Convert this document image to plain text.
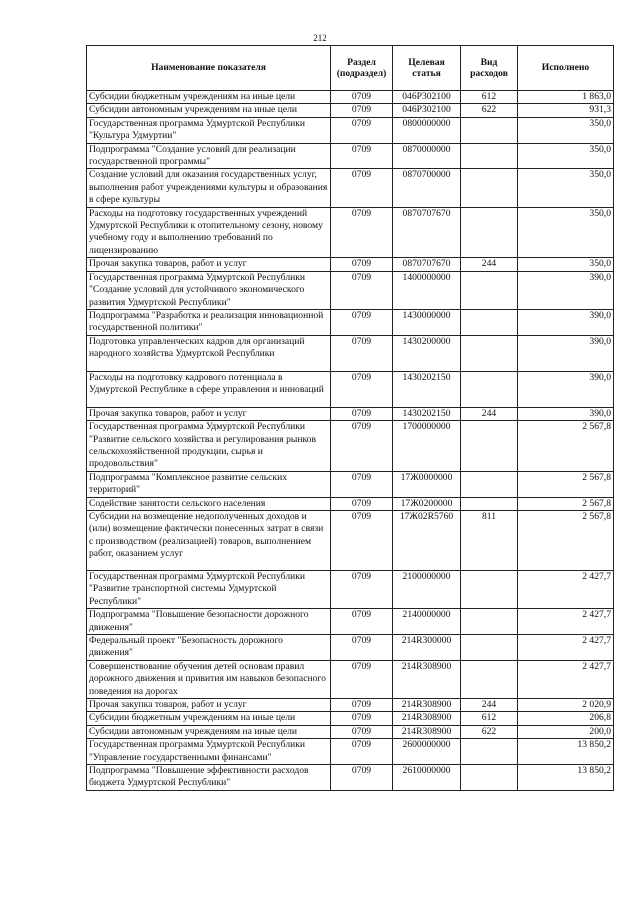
212
Наименование показателя	Раздел (подраздел)	Целевая статья	Вид расходов	Исполнено
Субсидии бюджетным учреждениям на иные цели	0709	046P302100	612	1 863,0
Субсидии автономным учреждениям на иные цели	0709	046P302100	622	931,3
Государственная программа Удмуртской Республики "Культура Удмуртии"	0709	0800000000		350,0
Подпрограмма "Создание условий для реализации государственной программы"	0709	0870000000		350,0
Создание условий для оказания государственных услуг, выполнения работ учреждениями культуры и образования в сфере культуры	0709	0870700000		350,0
Расходы на подготовку государственных учреждений Удмуртской Республики к отопительному сезону, новому учебному году и выполнению требований по лицензированию	0709	0870707670		350,0
Прочая закупка товаров, работ и услуг	0709	0870707670	244	350,0
Государственная программа Удмуртской Республики "Создание условий для устойчивого экономического развития Удмуртской Республики"	0709	1400000000		390,0
Подпрограмма "Разработка и реализация инновационной государственной политики"	0709	1430000000		390,0
Подготовка управленческих кадров для организаций народного хозяйства Удмуртской Республики	0709	1430200000		390,0
Расходы на подготовку кадрового потенциала в Удмуртской Республике в сфере управления и инноваций	0709	1430202150		390,0
Прочая закупка товаров, работ и услуг	0709	1430202150	244	390,0
Государственная программа Удмуртской Республики "Развитие сельского хозяйства и регулирования рынков сельскохозяйственной продукции, сырья и продовольствия"	0709	1700000000		2 567,8
Подпрограмма "Комплексное развитие сельских территорий"	0709	17Ж0000000		2 567,8
Содействие занятости сельского населения	0709	17Ж0200000		2 567,8
Субсидии на возмещение недополученных доходов и (или) возмещение фактически понесенных затрат в связи с производством (реализацией) товаров, выполнением работ, оказанием услуг	0709	17Ж02R5760	811	2 567,8
Государственная программа Удмуртской Республики "Развитие транспортной системы Удмуртской Республики"	0709	2100000000		2 427,7
Подпрограмма "Повышение безопасности дорожного движения"	0709	2140000000		2 427,7
Федеральный проект "Безопасность дорожного движения"	0709	214R300000		2 427,7
Совершенствование обучения детей основам правил дорожного движения и привития им навыков безопасного поведения на дорогах	0709	214R308900		2 427,7
Прочая закупка товаров, работ и услуг	0709	214R308900	244	2 020,9
Субсидии бюджетным учреждениям на иные цели	0709	214R308900	612	206,8
Субсидии автономным учреждениям на иные цели	0709	214R308900	622	200,0
Государственная программа Удмуртской Республики "Управление государственными финансами"	0709	2600000000		13 850,2
Подпрограмма "Повышение эффективности расходов бюджета Удмуртской Республики"	0709	2610000000		13 850,2
